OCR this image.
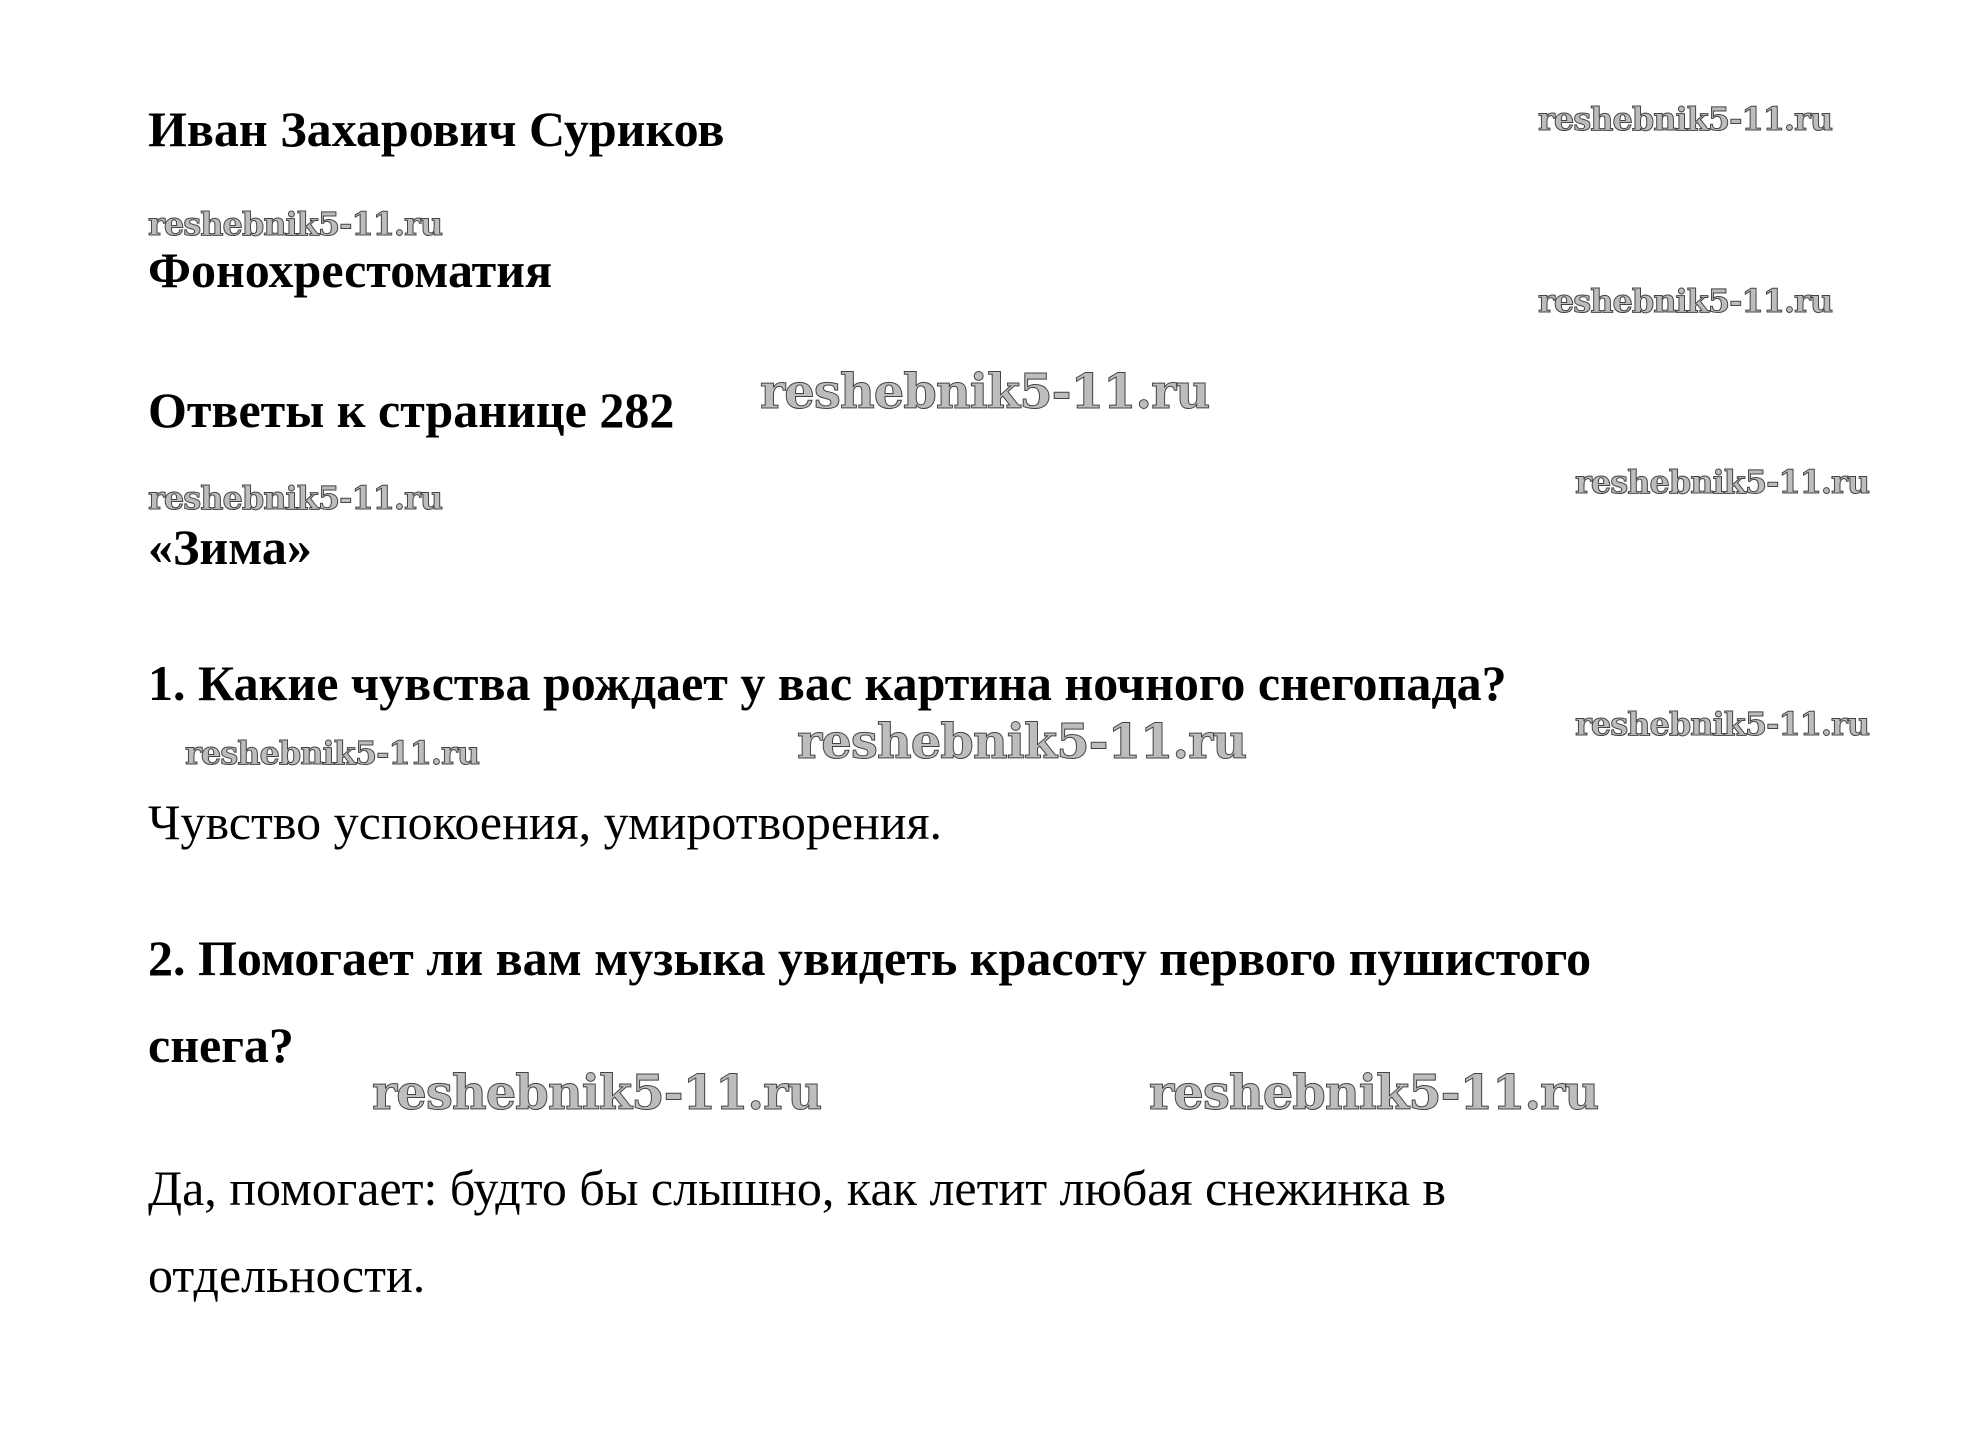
Иван Захарович Суриков
Фонохрестоматия
Ответы к странице 282
«Зима»
1. Какие чувства рождает у вас картина ночного снегопада?
Чувство успокоения, умиротворения.
2. Помогает ли вам музыка увидеть красоту первого пушистого
снега?
Да, помогает: будто бы слышно, как летит любая снежинка в
отдельности.
reshebnik5-11.ru
reshebnik5-11.ru
reshebnik5-11.ru
reshebnik5-11.ru
reshebnik5-11.ru	reshebnik5-11.ru
reshebnik5-11.ru
reshebnik5-11.ru	reshebnik5-11.ru
reshebnik5-11.ru	reshebnik5-11.ru
